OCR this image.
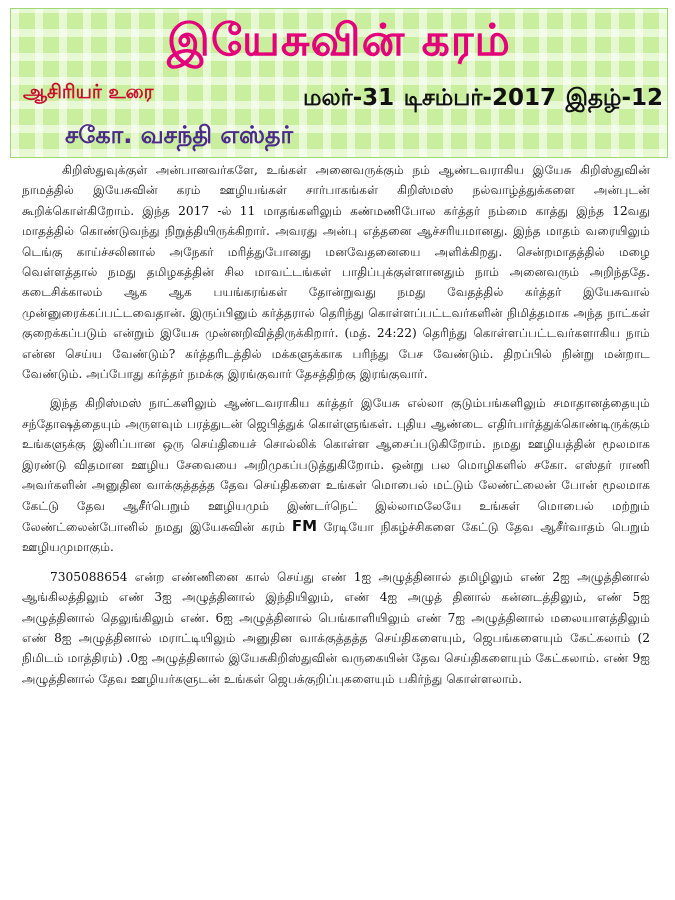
இயேசுவின் கரம்
ஆசிரியர் உரை	மலர்-31 டிசம்பர்-2017 இதழ்-12
சகோ. வசந்தி எஸ்தர்

கிறிஸ்துவுக்குள் அன்பானவர்களே, உங்கள் அனைவருக்கும் நம் ஆண்டவராகிய இயேசு கிறிஸ்துவின் நாமத்தில் இயேசுவின் கரம் ஊழியங்கள் சார்பாகங்கள் கிறிஸ்மஸ் நல்வாழ்த்துக்களை அன்புடன் கூறிக்கொள்கிறோம். இந்த 2017 -ல் 11 மாதங்களிலும் கண்மணிபோல கர்த்தர் நம்மை காத்து இந்த 12வது மாதத்தில் கொண்டுவந்து நிறுத்தியிருக்கிறார். அவரது அன்பு எத்தனை ஆச்சரியமானது. இந்த மாதம் வரையிலும் டெங்கு காய்ச்சலினால் அநேகர் மரித்துபோனது மனவேதனையை அளிக்கிறது. சென்றமாதத்தில் மழை வெள்ளத்தால் நமது தமிழகத்தின் சில மாவட்டங்கள் பாதிப்புக்குள்ளானதும் நாம் அனைவரும் அறிந்ததே. கடைசிக்காலம் ஆக ஆக பயங்கரங்கள் தோன்றுவது நமது வேதத்தில் கர்த்தர் இயேசுவால் முன்னுரைக்கப்பட்டவைதான். இருப்பினும் கர்த்தரால் தெரிந்து கொள்ளப்பட்டவர்களின் நிமித்தமாக அந்த நாட்கள் குறைக்கப்படும் என்றும் இயேசு முன்னறிவித்திருக்கிறார். (மத். 24:22) தெரிந்து கொள்ளப்பட்டவர்களாகிய நாம் என்ன செய்ய வேண்டும்? கர்த்தரிடத்தில் மக்களுக்காக பரிந்து பேச வேண்டும். திறப்பில் நின்று மன்றாட வேண்டும். அப்போது கர்த்தர் நமக்கு இரங்குவார் தேசத்திற்கு இரங்குவார்.

இந்த கிறிஸ்மஸ் நாட்களிலும் ஆண்டவராகிய கர்த்தர் இயேசு எல்லா குடும்பங்களிலும் சமாதானத்தையும் சந்தோஷத்தையும் அருளவும் பரத்துடன் ஜெபித்துக் கொள்ளுங்கள். புதிய ஆண்டை எதிர்பார்த்துக்கொண்டிருக்கும் உங்களுக்கு இனிப்பான ஒரு செய்தியைச் சொல்லிக் கொள்ள ஆசைப்படுகிறோம். நமது ஊழியத்தின் மூலமாக இரண்டு விதமான ஊழிய சேவையை அறிமுகப்படுத்துகிறோம். ஒன்று பல மொழிகளில் சகோ. எஸ்தர் ராணி அவர்களின் அனுதின வாக்குத்தத்த தேவ செய்திகளை உங்கள் மொபைல் மட்டும் லேண்ட்லைன் போன் மூலமாக கேட்டு தேவ ஆசீர்பெறும் ஊழியமும் இண்டர்நெட் இல்லாமலேயே உங்கள் மொபைல் மற்றும் லேண்ட்லைன்போனில் நமது இயேசுவின் கரம் FM ரேடியோ நிகழ்ச்சிகளை கேட்டு தேவ ஆசீர்வாதம் பெறும் ஊழியமுமாகும்.

7305088654 என்ற எண்ணினை கால் செய்து எண் 1ஐ அழுத்தினால் தமிழிலும் எண் 2ஐ அழுத்தினால் ஆங்கிலத்திலும் எண் 3ஐ அழுத்தினால் இந்தியிலும், எண் 4ஐ அழுத் தினால் கன்னடத்திலும், எண் 5ஐ அழுத்தினால் தெலுங்கிலும் எண். 6ஐ அழுத்தினால் பெங்காளியிலும் எண் 7ஐ அழுத்தினால் மலையாளத்திலும் எண் 8ஐ அழுத்தினால் மராட்டியிலும் அனுதின வாக்குத்தத்த செய்திகளையும், ஜெபங்களையும் கேட்கலாம் (2 நிமிடம் மாத்திரம்) .0ஐ அழுத்தினால் இயேசுகிறிஸ்துவின் வருகையின் தேவ செய்திகளையும் கேட்கலாம். எண் 9ஐ அழுத்தினால் தேவ ஊழியர்களுடன் உங்கள் ஜெபக்குறிப்புகளையும் பகிர்ந்து கொள்ளலாம்.
